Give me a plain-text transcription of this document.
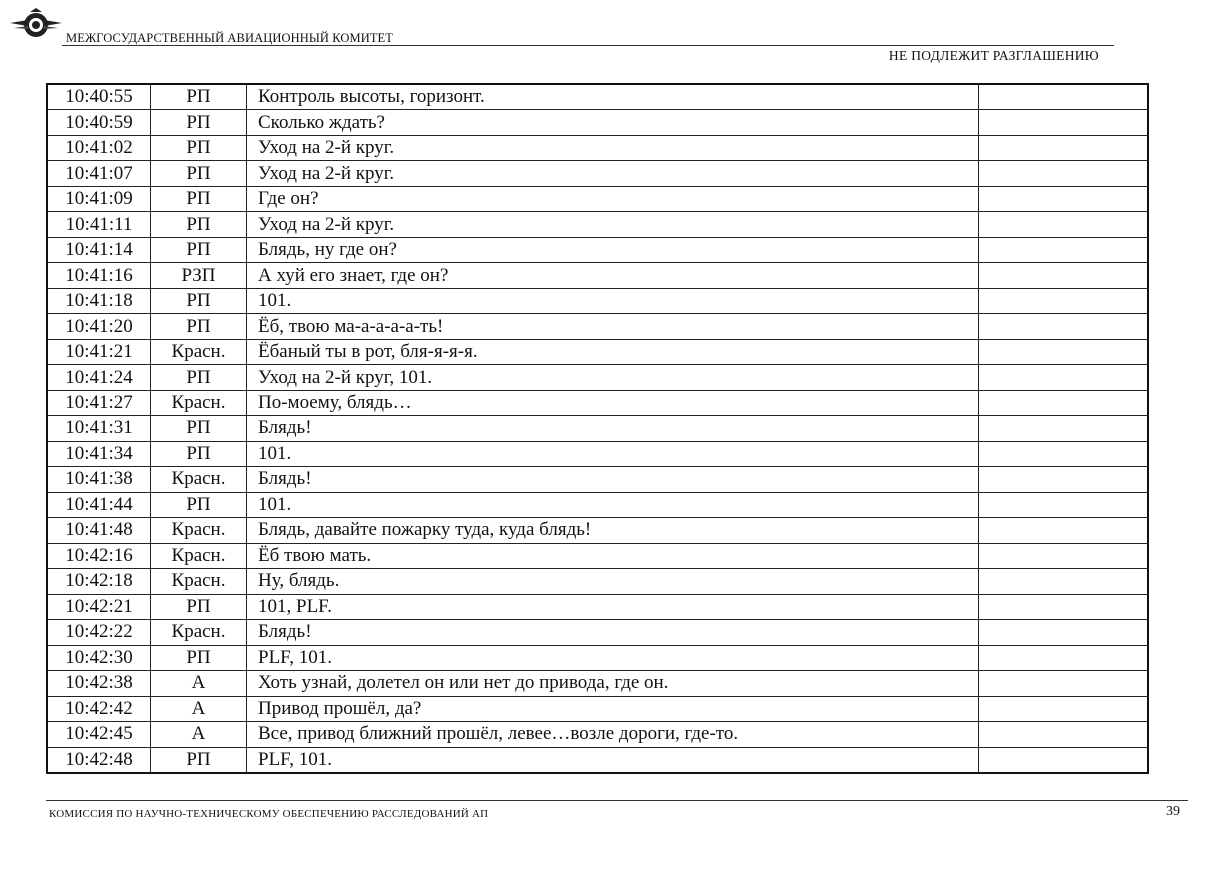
МЕЖГОСУДАРСТВЕННЫЙ АВИАЦИОННЫЙ КОМИТЕТ
НЕ ПОДЛЕЖИТ РАЗГЛАШЕНИЮ
10:40:55	РП	Контроль высоты, горизонт.	
10:40:59	РП	Сколько ждать?	
10:41:02	РП	Уход на 2-й круг.	
10:41:07	РП	Уход на 2-й круг.	
10:41:09	РП	Где он?	
10:41:11	РП	Уход на 2-й круг.	
10:41:14	РП	Блядь, ну где он?	
10:41:16	РЗП	А хуй его знает, где он?	
10:41:18	РП	101.	
10:41:20	РП	Ёб, твою ма-а-а-а-а-ть!	
10:41:21	Красн.	Ёбаный ты в рот, бля-я-я-я.	
10:41:24	РП	Уход на 2-й круг, 101.	
10:41:27	Красн.	По-моему, блядь…	
10:41:31	РП	Блядь!	
10:41:34	РП	101.	
10:41:38	Красн.	Блядь!	
10:41:44	РП	101.	
10:41:48	Красн.	Блядь, давайте пожарку туда, куда блядь!	
10:42:16	Красн.	Ёб твою мать.	
10:42:18	Красн.	Ну, блядь.	
10:42:21	РП	101, PLF.	
10:42:22	Красн.	Блядь!	
10:42:30	РП	PLF, 101.	
10:42:38	А	Хоть узнай, долетел он или нет до привода, где он.	
10:42:42	А	Привод прошёл, да?	
10:42:45	А	Все, привод ближний прошёл, левее…возле дороги, где-то.	
10:42:48	РП	PLF, 101.	
КОМИССИЯ ПО НАУЧНО-ТЕХНИЧЕСКОМУ ОБЕСПЕЧЕНИЮ РАССЛЕДОВАНИЙ АП	39
